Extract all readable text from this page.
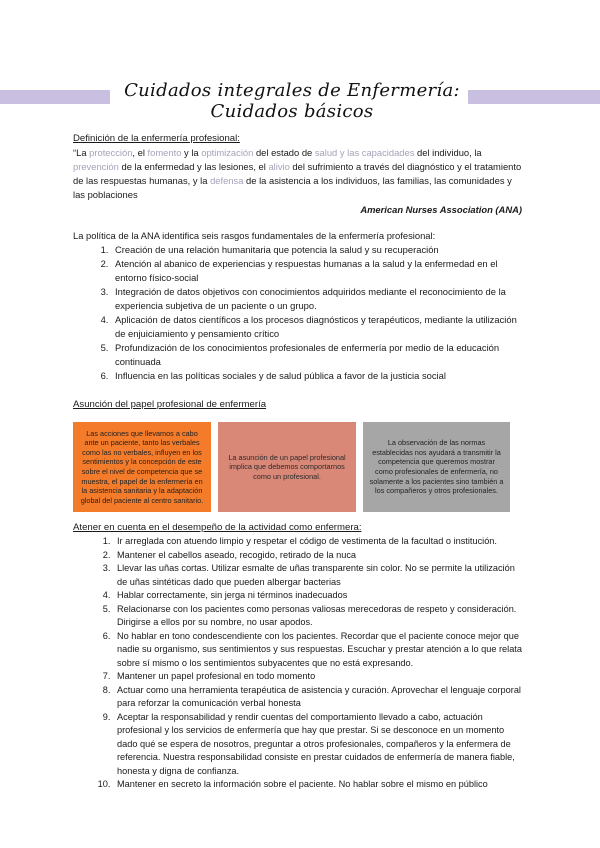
Cuidados integrales de Enfermería: Cuidados básicos
Definición de la enfermería profesional:

“La protección, el fomento y la optimización del estado de salud y las capacidades del individuo, la prevención de la enfermedad y las lesiones, el alivio del sufrimiento a través del diagnóstico y el tratamiento de las respuestas humanas, y la defensa de la asistencia a los individuos, las familias, las comunidades y las poblaciones

American Nurses Association (ANA)
La política de la ANA identifica seis rasgos fundamentales de la enfermería profesional:
1. Creación de una relación humanitaria que potencia la salud y su recuperación
2. Atención al abanico de experiencias y respuestas humanas a la salud y la enfermedad en el entorno físico-social
3. Integración de datos objetivos con conocimientos adquiridos mediante el reconocimiento de la experiencia subjetiva de un paciente o un grupo.
4. Aplicación de datos científicos a los procesos diagnósticos y terapéuticos, mediante la utilización de enjuiciamiento y pensamiento crítico
5. Profundización de los conocimientos profesionales de enfermería por medio de la educación continuada
6. Influencia en las políticas sociales y de salud pública a favor de la justicia social
Asunción del papel profesional de enfermería
Las acciones que llevamos a cabo ante un paciente, tanto las verbales como las no verbales, influyen en los sentimientos y la concepción de este sobre el nivel de competencia que se muestra, el papel de la enfermería en la asistencia sanitaria y la adaptación global del paciente al centro sanitario.
La asunción de un papel profesional implica que debemos comportarnos como un profesional.
La observación de las normas establecidas nos ayudará a transmitir la competencia que queremos mostrar como profesionales de enfermería, no solamente a los pacientes sino también a los compañeros y otros profesionales.
Atener en cuenta en el desempeño de la actividad como enfermera:
1. Ir arreglada con atuendo limpio y respetar el código de vestimenta de la facultad o institución.
2. Mantener el cabellos aseado, recogido, retirado de la nuca
3. Llevar las uñas cortas. Utilizar esmalte de uñas transparente sin color. No se permite la utilización de uñas sintéticas dado que pueden albergar bacterias
4. Hablar correctamente, sin jerga ni términos inadecuados
5. Relacionarse con los pacientes como personas valiosas merecedoras de respeto y consideración. Dirigirse a ellos por su nombre, no usar apodos.
6. No hablar en tono condescendiente con los pacientes. Recordar que el paciente conoce mejor que nadie su organismo, sus sentimientos y sus respuestas. Escuchar y prestar atención a lo que relata sobre sí mismo o los sentimientos subyacentes que no está expresando.
7. Mantener un papel profesional en todo momento
8. Actuar como una herramienta terapéutica de asistencia y curación. Aprovechar el lenguaje corporal para reforzar la comunicación verbal honesta
9. Aceptar la responsabilidad y rendir cuentas del comportamiento llevado a cabo, actuación profesional y los servicios de enfermería que hay que prestar. Si se desconoce en un momento dado qué se espera de nosotros, preguntar a otros profesionales, compañeros y la enfermera de referencia. Nuestra responsabilidad consiste en prestar cuidados de enfermería de manera fiable, honesta y digna de confianza.
10. Mantener en secreto la información sobre el paciente. No hablar sobre el mismo en público
